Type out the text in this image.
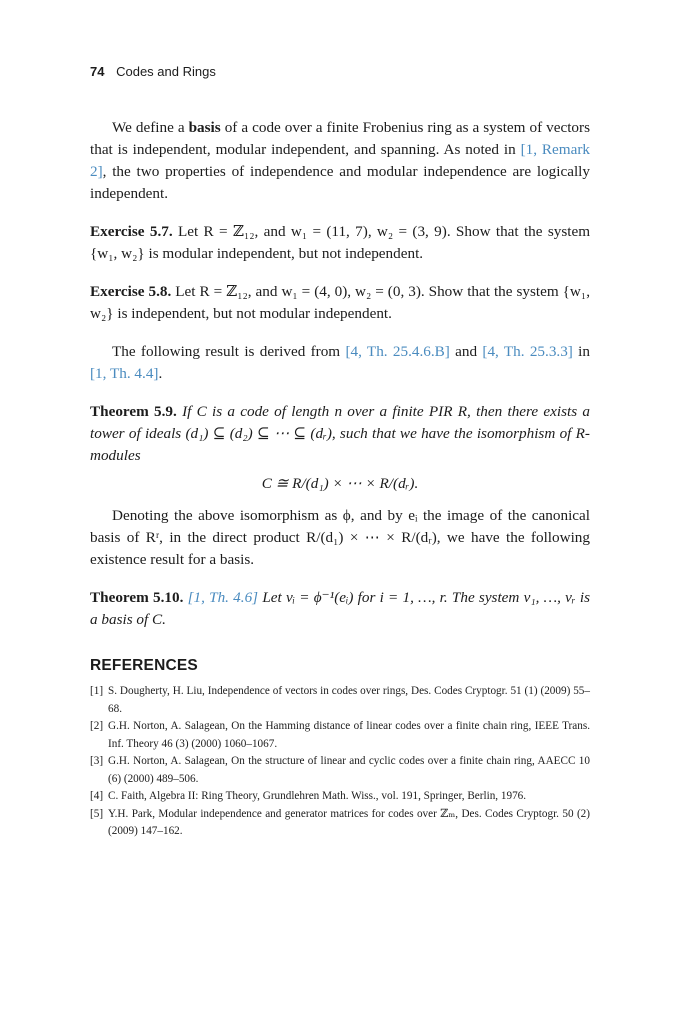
74 Codes and Rings

We define a basis of a code over a finite Frobenius ring as a system of vectors that is independent, modular independent, and spanning. As noted in [1, Remark 2], the two properties of independence and modular independence are logically independent.

Exercise 5.7. Let R = ℤ₁₂, and w₁ = (11, 7), w₂ = (3, 9). Show that the system {w₁, w₂} is modular independent, but not independent.

Exercise 5.8. Let R = ℤ₁₂, and w₁ = (4, 0), w₂ = (0, 3). Show that the system {w₁, w₂} is independent, but not modular independent.

The following result is derived from [4, Th. 25.4.6.B] and [4, Th. 25.3.3] in [1, Th. 4.4].

Theorem 5.9. If C is a code of length n over a finite PIR R, then there exists a tower of ideals (d₁) ⊆ (d₂) ⊆ ⋯ ⊆ (dᵣ), such that we have the isomorphism of R-modules

C ≅ R/(d₁) × ⋯ × R/(dᵣ).

Denoting the above isomorphism as ϕ, and by eᵢ the image of the canonical basis of Rʳ, in the direct product R/(d₁) × ⋯ × R/(dᵣ), we have the following existence result for a basis.

Theorem 5.10. [1, Th. 4.6] Let vᵢ = ϕ⁻¹(eᵢ) for i = 1, …, r. The system v₁, …, vᵣ is a basis of C.

REFERENCES
[1] S. Dougherty, H. Liu, Independence of vectors in codes over rings, Des. Codes Cryptogr. 51 (1) (2009) 55–68.
[2] G.H. Norton, A. Salagean, On the Hamming distance of linear codes over a finite chain ring, IEEE Trans. Inf. Theory 46 (3) (2000) 1060–1067.
[3] G.H. Norton, A. Salagean, On the structure of linear and cyclic codes over a finite chain ring, AAECC 10 (6) (2000) 489–506.
[4] C. Faith, Algebra II: Ring Theory, Grundlehren Math. Wiss., vol. 191, Springer, Berlin, 1976.
[5] Y.H. Park, Modular independence and generator matrices for codes over ℤₘ, Des. Codes Cryptogr. 50 (2) (2009) 147–162.
